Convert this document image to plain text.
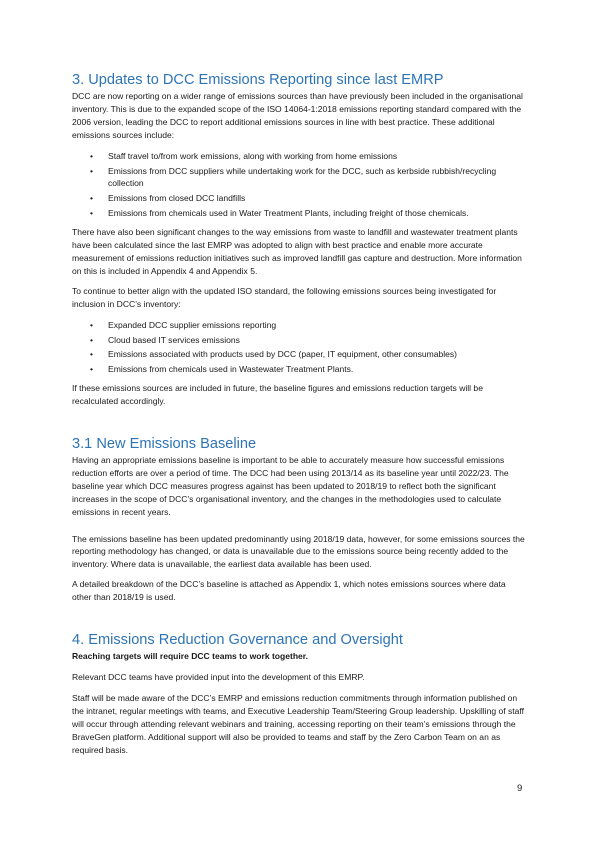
3. Updates to DCC Emissions Reporting since last EMRP

DCC are now reporting on a wider range of emissions sources than have previously been included in the organisational inventory. This is due to the expanded scope of the ISO 14064-1:2018 emissions reporting standard compared with the 2006 version, leading the DCC to report additional emissions sources in line with best practice. These additional emissions sources include:

• Staff travel to/from work emissions, along with working from home emissions
• Emissions from DCC suppliers while undertaking work for the DCC, such as kerbside rubbish/recycling collection
• Emissions from closed DCC landfills
• Emissions from chemicals used in Water Treatment Plants, including freight of those chemicals.

There have also been significant changes to the way emissions from waste to landfill and wastewater treatment plants have been calculated since the last EMRP was adopted to align with best practice and enable more accurate measurement of emissions reduction initiatives such as improved landfill gas capture and destruction. More information on this is included in Appendix 4 and Appendix 5.

To continue to better align with the updated ISO standard, the following emissions sources being investigated for inclusion in DCC’s inventory:

• Expanded DCC supplier emissions reporting
• Cloud based IT services emissions
• Emissions associated with products used by DCC (paper, IT equipment, other consumables)
• Emissions from chemicals used in Wastewater Treatment Plants.

If these emissions sources are included in future, the baseline figures and emissions reduction targets will be recalculated accordingly.

3.1 New Emissions Baseline

Having an appropriate emissions baseline is important to be able to accurately measure how successful emissions reduction efforts are over a period of time. The DCC had been using 2013/14 as its baseline year until 2022/23. The baseline year which DCC measures progress against has been updated to 2018/19 to reflect both the significant increases in the scope of DCC’s organisational inventory, and the changes in the methodologies used to calculate emissions in recent years.

The emissions baseline has been updated predominantly using 2018/19 data, however, for some emissions sources the reporting methodology has changed, or data is unavailable due to the emissions source being recently added to the inventory. Where data is unavailable, the earliest data available has been used.

A detailed breakdown of the DCC’s baseline is attached as Appendix 1, which notes emissions sources where data other than 2018/19 is used.

4. Emissions Reduction Governance and Oversight

Reaching targets will require DCC teams to work together.

Relevant DCC teams have provided input into the development of this EMRP.

Staff will be made aware of the DCC’s EMRP and emissions reduction commitments through information published on the intranet, regular meetings with teams, and Executive Leadership Team/Steering Group leadership. Upskilling of staff will occur through attending relevant webinars and training, accessing reporting on their team’s emissions through the BraveGen platform. Additional support will also be provided to teams and staff by the Zero Carbon Team on an as required basis.

9
